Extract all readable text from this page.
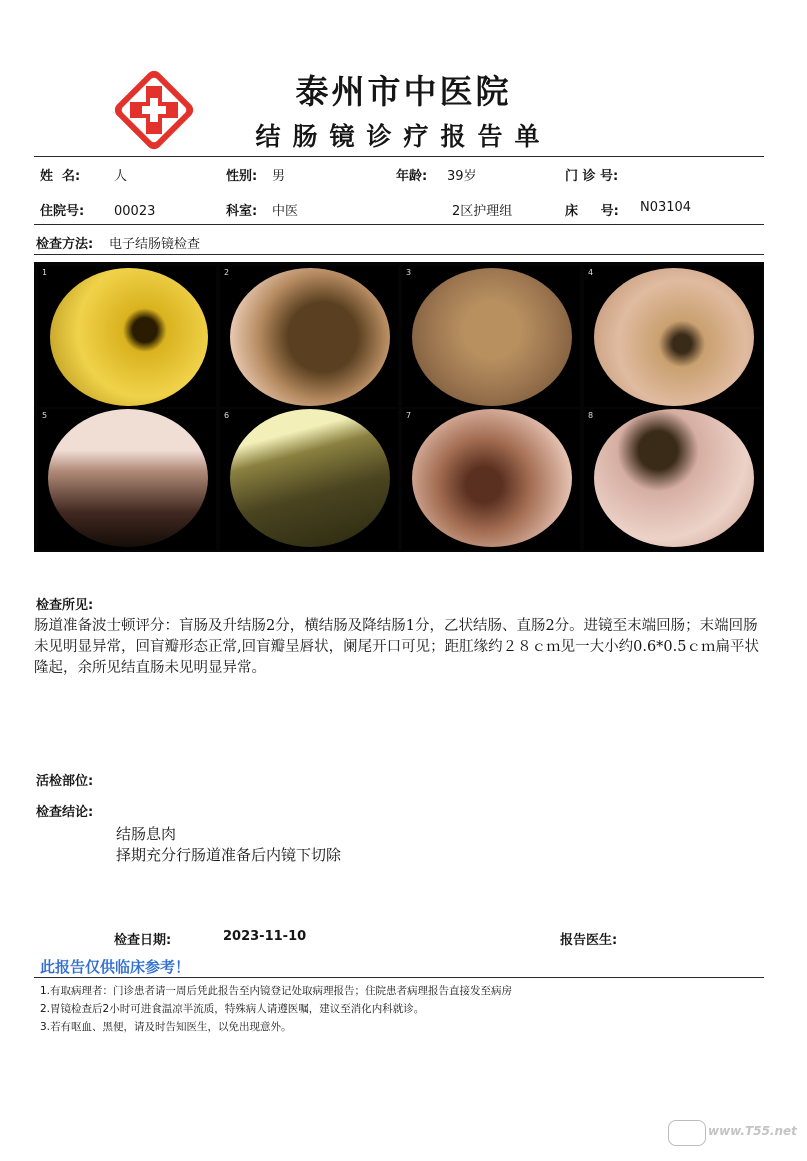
泰州市中医院
结肠镜诊疗报告单
姓  名:	人	性别: 男	年龄: 39岁	门 诊 号:
住院号: 00023	科室: 中医	2区护理组	床     号: N03104
检查方法: 电子结肠镜检查
1	2	3	4
5	6	7	8
检查所见:
肠道准备波士顿评分：盲肠及升结肠2分，横结肠及降结肠1分，乙状结肠、直肠2分。进镜至末端回肠；末端回肠未见明显异常，回盲瓣形态正常,回盲瓣呈唇状，阑尾开口可见；距肛缘约２８ｃｍ见一大小约0.6*0.5ｃｍ扁平状隆起，余所见结直肠未见明显异常。
活检部位:
检查结论:
结肠息肉
择期充分行肠道准备后内镜下切除
检查日期:	2023-11-10	报告医生:
此报告仅供临床参考！
1.有取病理者：门诊患者请一周后凭此报告至内镜登记处取病理报告；住院患者病理报告直接发至病房
2.胃镜检查后2小时可进食温凉半流质，特殊病人请遵医嘱，建议至消化内科就诊。
3.若有呕血、黑便，请及时告知医生，以免出现意外。
www.T55.net
